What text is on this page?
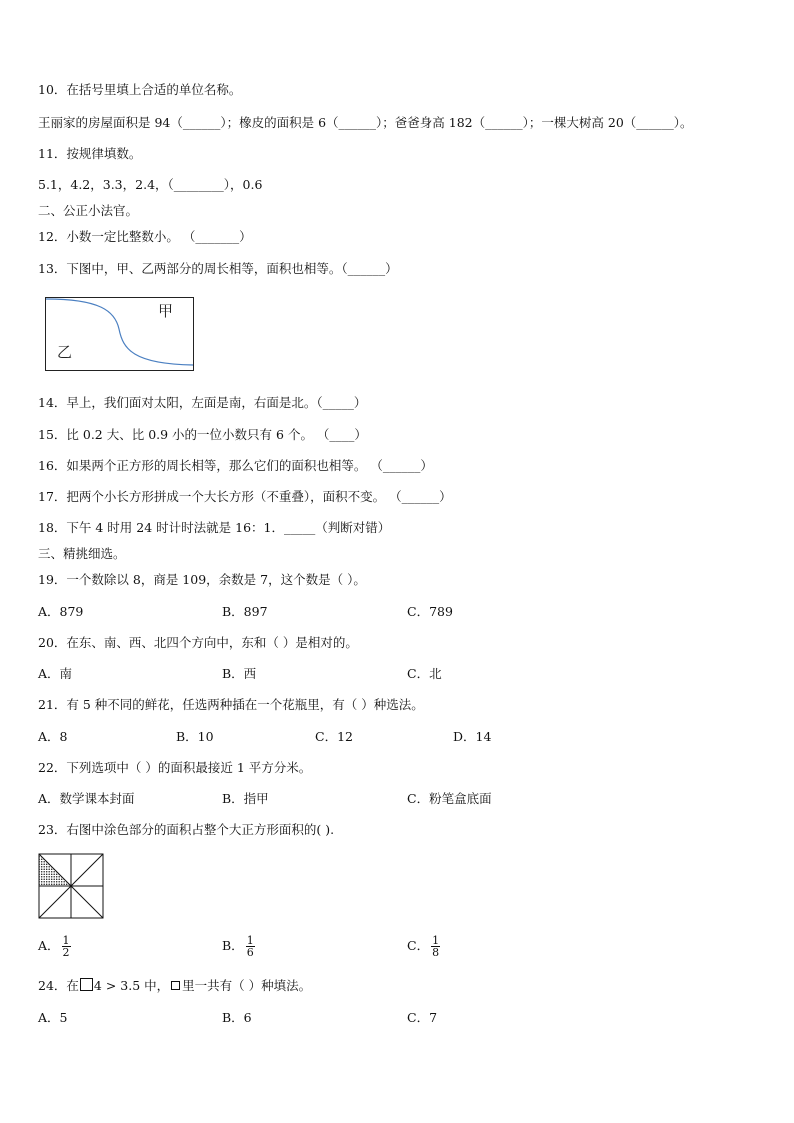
10．在括号里填上合适的单位名称。
王丽家的房屋面积是 94（______）；橡皮的面积是 6（______）；爸爸身高 182（______）；一棵大树高 20（______）。
11．按规律填数。
5.1，4.2，3.3，2.4，（________），0.6
二、公正小法官。
12．小数一定比整数小。 （_______）
13．下图中，甲、乙两部分的周长相等，面积也相等。（______）
甲
乙
14．早上，我们面对太阳，左面是南，右面是北。（_____）
15．比 0.2 大、比 0.9 小的一位小数只有 6 个。 （____）
16．如果两个正方形的周长相等，那么它们的面积也相等。 （______）
17．把两个小长方形拼成一个大长方形（不重叠），面积不变。 （______）
18．下午 4 时用 24 时计时法就是 16：1．_____（判断对错）
三、精挑细选。
19．一个数除以 8，商是 109，余数是 7，这个数是（ ）。
A．879	B．897	C．789
20．在东、南、西、北四个方向中，东和（ ）是相对的。
A．南	B．西	C．北
21．有 5 种不同的鲜花，任选两种插在一个花瓶里，有（ ）种选法。
A．8	B．10	C．12	D．14
22．下列选项中（ ）的面积最接近 1 平方分米。
A．数学课本封面	B．指甲	C．粉笔盒底面
23．右图中涂色部分的面积占整个大正方形面积的( ).
A． $\frac{1}{2}$	B． $\frac{1}{6}$	C． $\frac{1}{8}$
24．在 4 > 3.5 中， 里一共有（ ）种填法。
A．5	B．6	C．7
